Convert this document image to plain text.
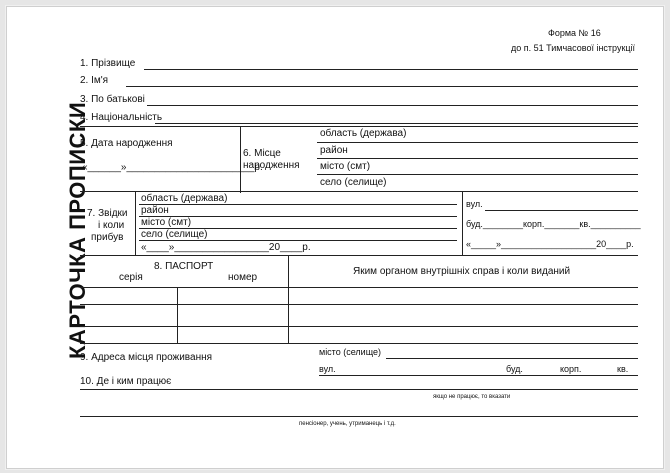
Форма № 16
до п. 51 Тимчасової інструкції
КАРТОЧКА ПРОПИСКИ
1. Прізвище
2. Ім'я
3. По батькові
4. Національність
5. Дата народження
«______»_______________________р.
6. Місце
народження
область (держава)
район
місто (смт)
село (селище)
7. Звідки
і коли
прибув
область (держава)
район
місто (смт)
село (селище)
«____»_________________20____р.
вул.
буд.________корп._______кв.__________
«_____»___________________20____р.
8. ПАСПОРТ
серія	номер
Яким органом внутрішніх справ і коли виданий
9. Адреса місця проживання	місто (селище)
вул.	буд.	корп.	кв.
10. Де і ким працює
якщо не працює, то вказати
пенсіонер, учень, утриманець і т.д.
